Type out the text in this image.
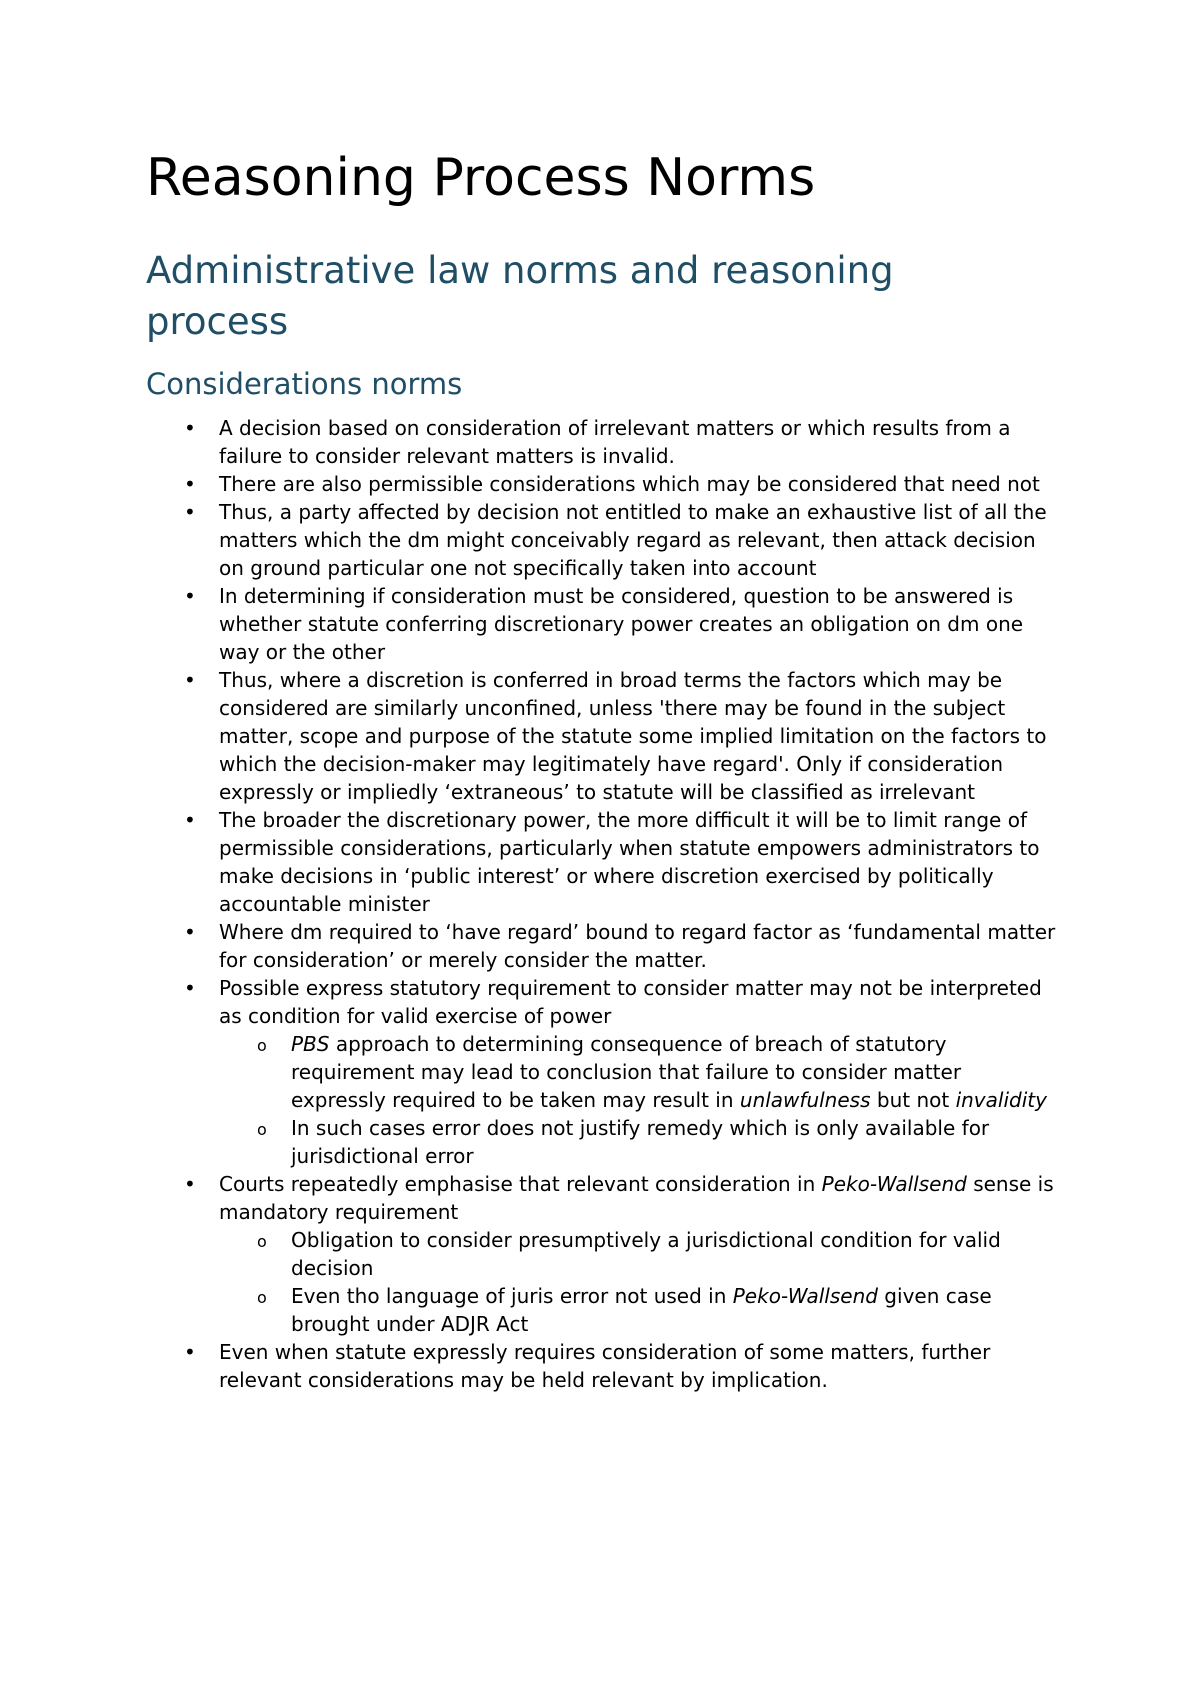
Reasoning Process Norms
Administrative law norms and reasoning process
Considerations norms
• A decision based on consideration of irrelevant matters or which results from a failure to consider relevant matters is invalid.
• There are also permissible considerations which may be considered that need not
• Thus, a party affected by decision not entitled to make an exhaustive list of all the matters which the dm might conceivably regard as relevant, then attack decision on ground particular one not specifically taken into account
• In determining if consideration must be considered, question to be answered is whether statute conferring discretionary power creates an obligation on dm one way or the other
• Thus, where a discretion is conferred in broad terms the factors which may be considered are similarly unconfined, unless 'there may be found in the subject matter, scope and purpose of the statute some implied limitation on the factors to which the decision-maker may legitimately have regard'. Only if consideration expressly or impliedly ‘extraneous’ to statute will be classified as irrelevant
• The broader the discretionary power, the more difficult it will be to limit range of permissible considerations, particularly when statute empowers administrators to make decisions in ‘public interest’ or where discretion exercised by politically accountable minister
• Where dm required to ‘have regard’ bound to regard factor as ‘fundamental matter for consideration’ or merely consider the matter.
• Possible express statutory requirement to consider matter may not be interpreted as condition for valid exercise of power
o PBS approach to determining consequence of breach of statutory requirement may lead to conclusion that failure to consider matter expressly required to be taken may result in unlawfulness but not invalidity
o In such cases error does not justify remedy which is only available for jurisdictional error
• Courts repeatedly emphasise that relevant consideration in Peko-Wallsend sense is mandatory requirement
o Obligation to consider presumptively a jurisdictional condition for valid decision
o Even tho language of juris error not used in Peko-Wallsend given case brought under ADJR Act
• Even when statute expressly requires consideration of some matters, further relevant considerations may be held relevant by implication.
